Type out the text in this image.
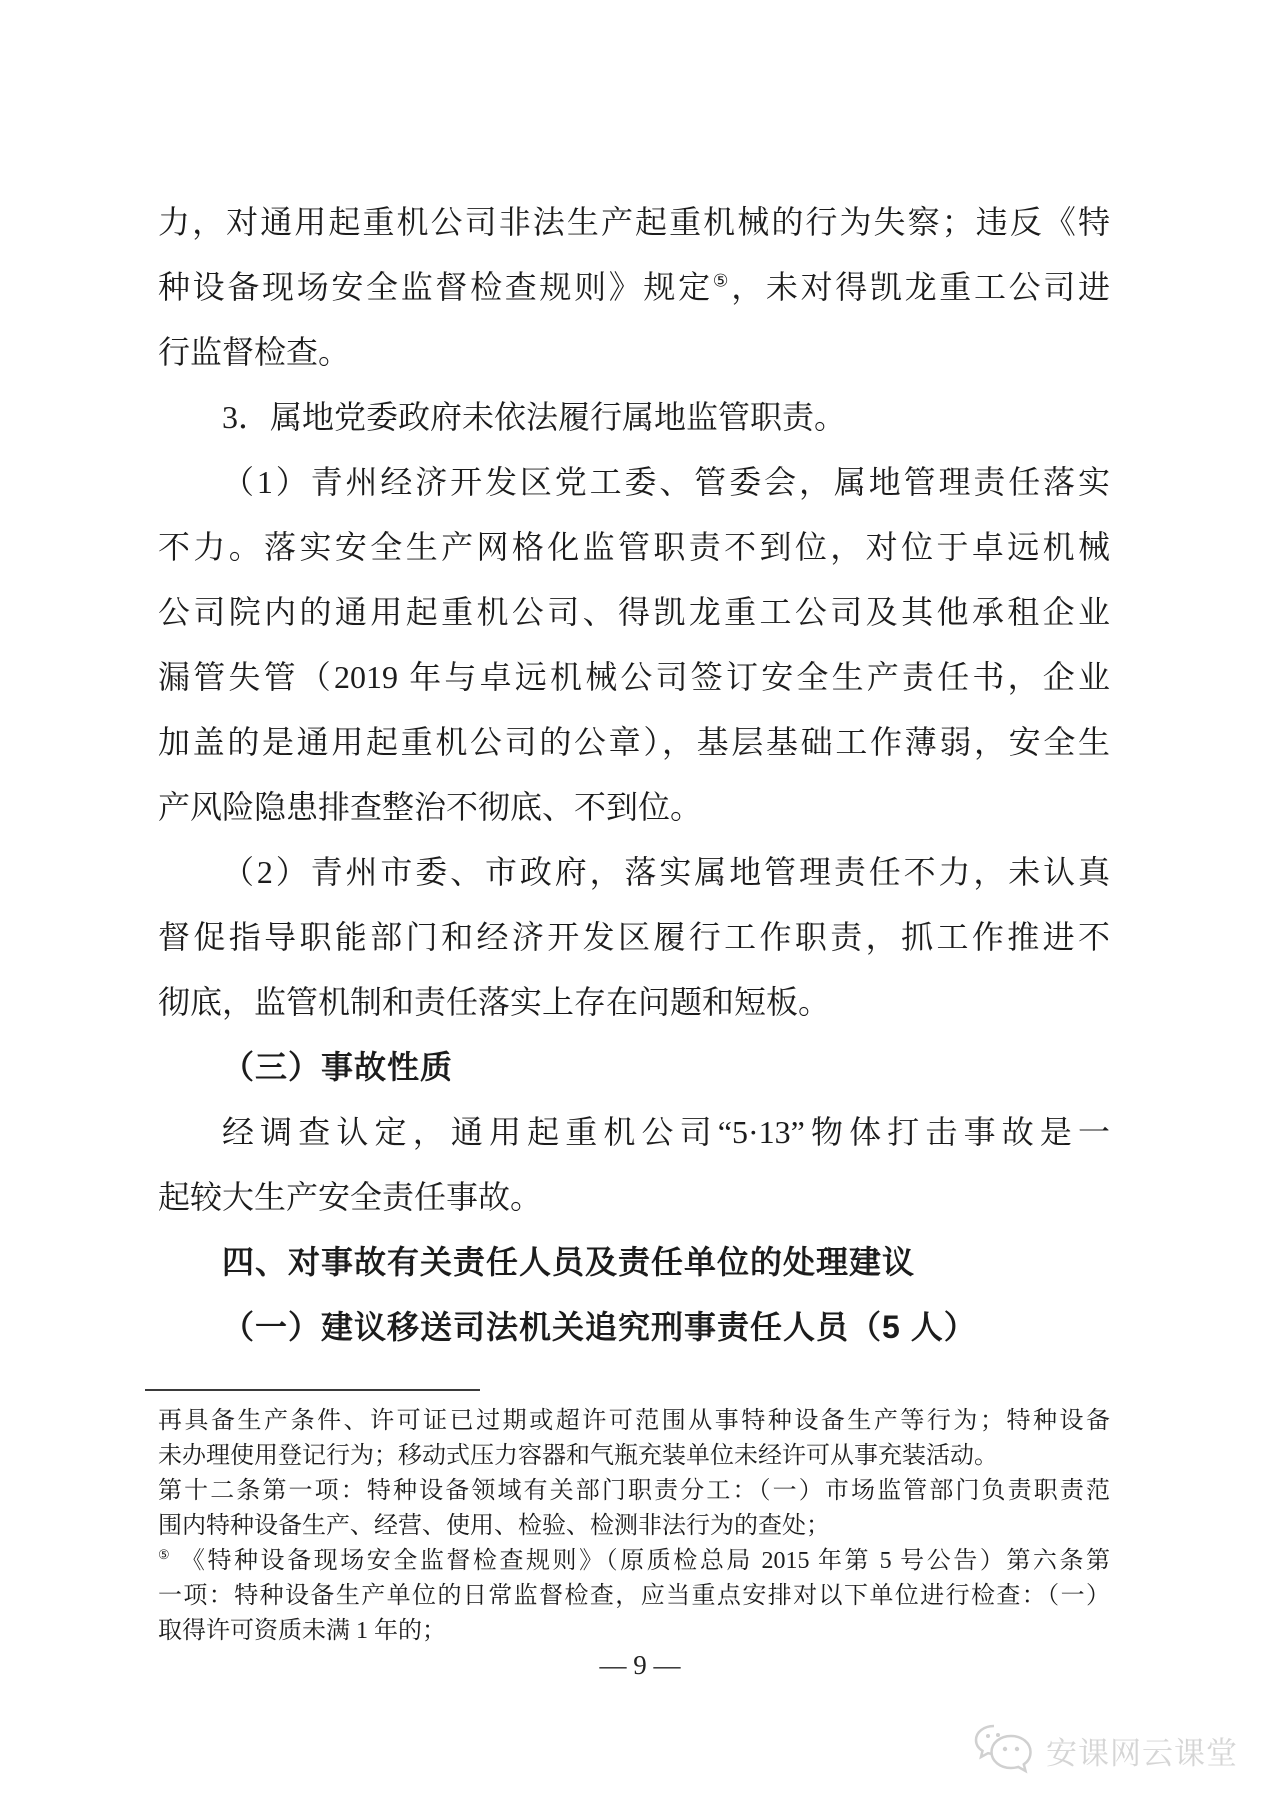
力，对通用起重机公司非法生产起重机械的行为失察；违反《特
种设备现场安全监督检查规则》规定⑤，未对得凯龙重工公司进
行监督检查。
3．属地党委政府未依法履行属地监管职责。
（1）青州经济开发区党工委、管委会，属地管理责任落实
不力。落实安全生产网格化监管职责不到位，对位于卓远机械
公司院内的通用起重机公司、得凯龙重工公司及其他承租企业
漏管失管（2019 年与卓远机械公司签订安全生产责任书，企业
加盖的是通用起重机公司的公章），基层基础工作薄弱，安全生
产风险隐患排查整治不彻底、不到位。
（2）青州市委、市政府，落实属地管理责任不力，未认真
督促指导职能部门和经济开发区履行工作职责，抓工作推进不
彻底，监管机制和责任落实上存在问题和短板。
（三）事故性质
经调查认定，通用起重机公司“5·13”物体打击事故是一
起较大生产安全责任事故。
四、对事故有关责任人员及责任单位的处理建议
（一）建议移送司法机关追究刑事责任人员（5 人）
再具备生产条件、许可证已过期或超许可范围从事特种设备生产等行为；特种设备
未办理使用登记行为；移动式压力容器和气瓶充装单位未经许可从事充装活动。
第十二条第一项：特种设备领域有关部门职责分工：（一）市场监管部门负责职责范
围内特种设备生产、经营、使用、检验、检测非法行为的查处；
⑤ 《特种设备现场安全监督检查规则》（原质检总局 2015 年第 5 号公告）第六条第
一项：特种设备生产单位的日常监督检查，应当重点安排对以下单位进行检查：（一）
取得许可资质未满 1 年的；
— 9 —
安课网云课堂
